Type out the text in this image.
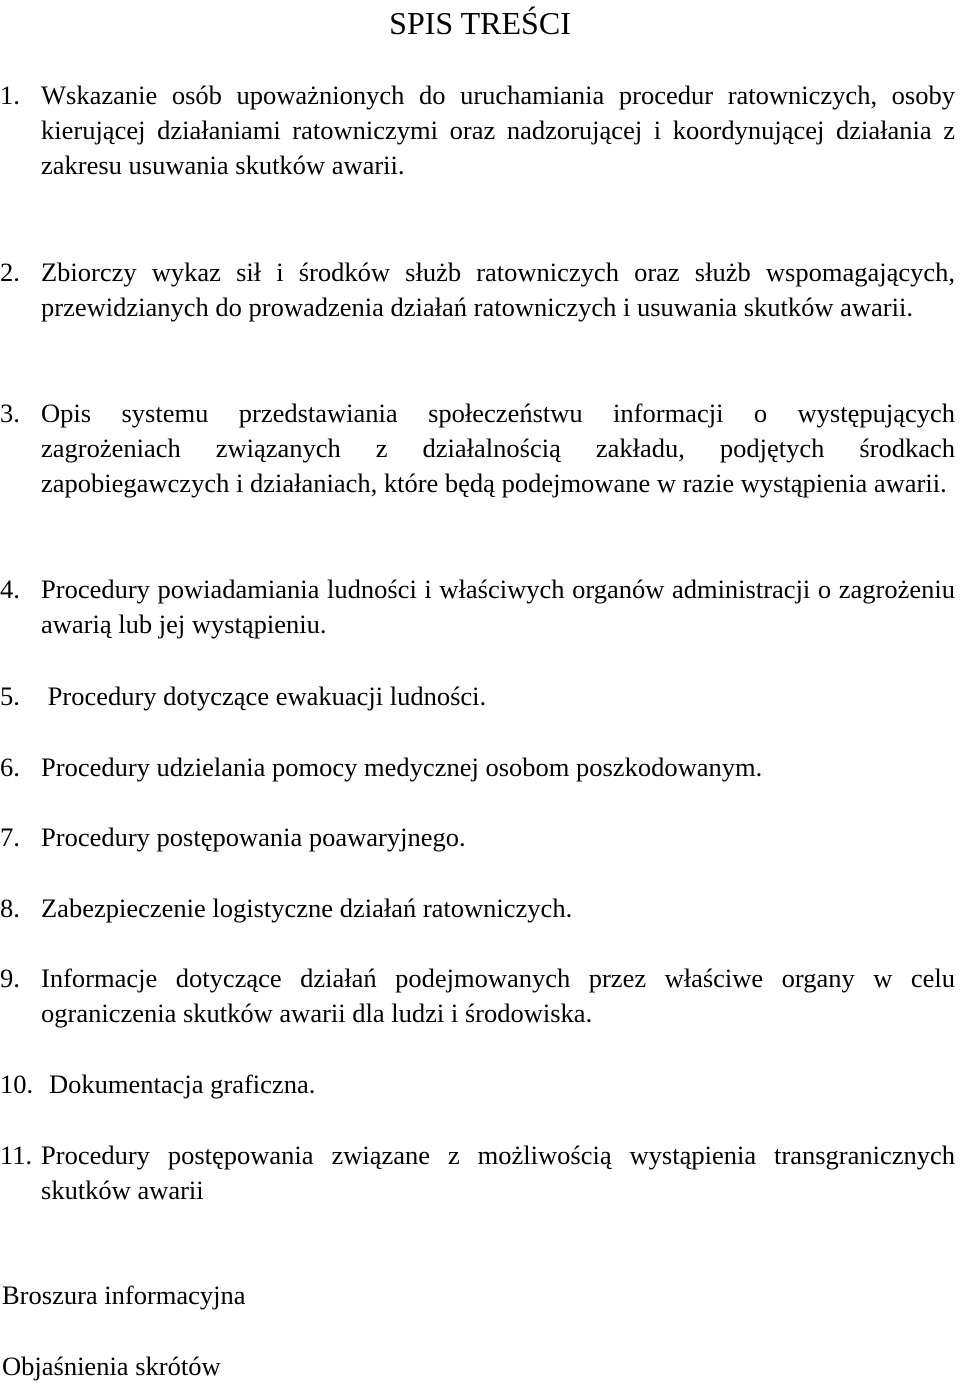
SPIS TREŚCI
1. Wskazanie osób upoważnionych do uruchamiania procedur ratowniczych, osoby kierującej działaniami ratowniczymi oraz nadzorującej i koordynującej działania z zakresu usuwania skutków awarii.
2. Zbiorczy wykaz sił i środków służb ratowniczych oraz służb wspomagających, przewidzianych do prowadzenia działań ratowniczych i usuwania skutków awarii.
3. Opis systemu przedstawiania społeczeństwu informacji o występujących zagrożeniach związanych z działalnością zakładu, podjętych środkach zapobiegawczych i działaniach, które będą podejmowane w razie wystąpienia awarii.
4. Procedury powiadamiania ludności i właściwych organów administracji o zagrożeniu awarią lub jej wystąpieniu.
5. Procedury dotyczące ewakuacji ludności.
6. Procedury udzielania pomocy medycznej osobom poszkodowanym.
7. Procedury postępowania poawaryjnego.
8. Zabezpieczenie logistyczne działań ratowniczych.
9. Informacje dotyczące działań podejmowanych przez właściwe organy w celu ograniczenia skutków awarii dla ludzi i środowiska.
10. Dokumentacja graficzna.
11. Procedury postępowania związane z możliwością wystąpienia transgranicznych skutków awarii
Broszura informacyjna
Objaśnienia skrótów
